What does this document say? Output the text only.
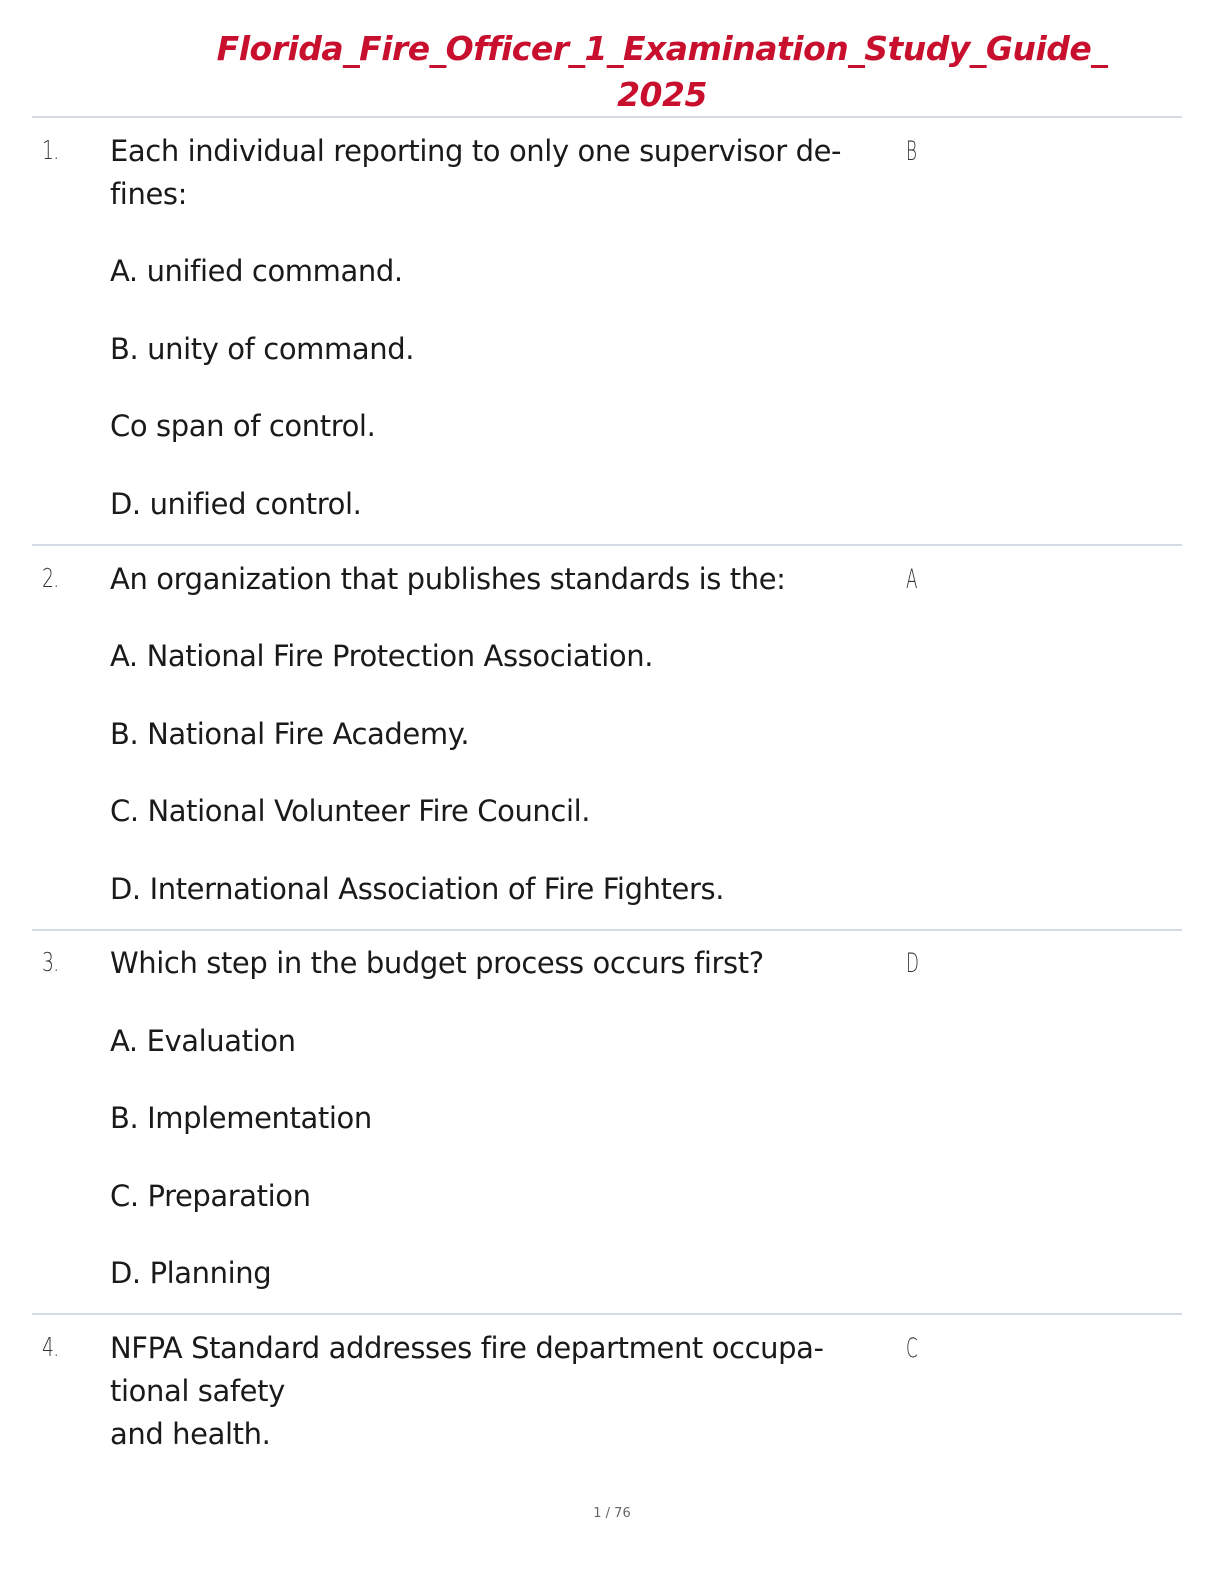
Florida_Fire_Officer_1_Examination_Study_Guide_
2025
1. Each individual reporting to only one supervisor de-
fines:
B
A. unified command.
B. unity of command.
Co span of control.
D. unified control.
2. An organization that publishes standards is the:	A
A. National Fire Protection Association.
B. National Fire Academy.
C. National Volunteer Fire Council.
D. International Association of Fire Fighters.
3. Which step in the budget process occurs first?	D
A. Evaluation
B. Implementation
C. Preparation
D. Planning
4. NFPA Standard addresses fire department occupa-
tional safety
and health.
C
1 / 76
